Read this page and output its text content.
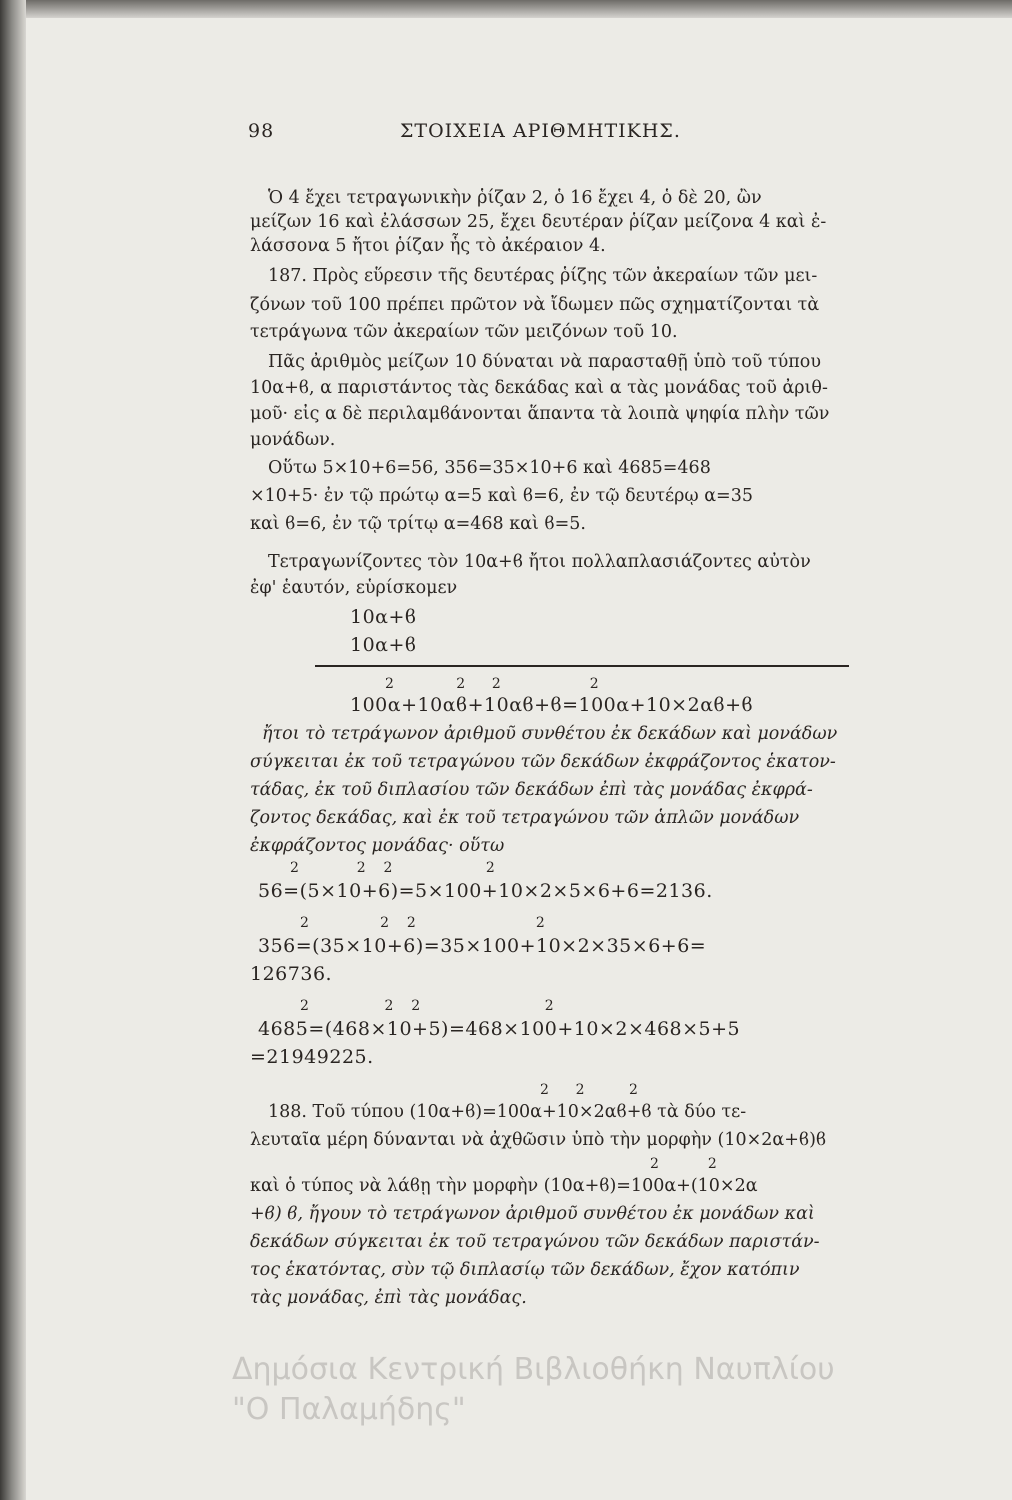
98	ΣΤΟΙΧΕΙΑ ΑΡΙΘΜΗΤΙΚΗΣ.
Ὁ 4 ἔχει τετραγωνικὴν ῥίζαν 2, ὁ 16 ἔχει 4, ὁ δὲ 20, ὢν
μείζων 16 καὶ ἐλάσσων 25, ἔχει δευτέραν ῥίζαν μείζονα 4 καὶ ἐ-
λάσσονα 5 ἤτοι ῥίζαν ἧς τὸ ἀκέραιον 4.
187. Πρὸς εὕρεσιν τῆς δευτέρας ῥίζης τῶν ἀκεραίων τῶν μει-
ζόνων τοῦ 100 πρέπει πρῶτον νὰ ἴδωμεν πῶς σχηματίζονται τὰ
τετράγωνα τῶν ἀκεραίων τῶν μειζόνων τοῦ 10.
Πᾶς ἀριθμὸς μείζων 10 δύναται νὰ παρασταθῇ ὑπὸ τοῦ τύπου
10α+ϐ, α παριστάντος τὰς δεκάδας καὶ α τὰς μονάδας τοῦ ἀριθ-
μοῦ· εἰς α δὲ περιλαμϐάνονται ἅπαντα τὰ λοιπὰ ψηφία πλὴν τῶν
μονάδων.
Οὕτω 5×10+6=56, 356=35×10+6 καὶ 4685=468
×10+5· ἐν τῷ πρώτῳ α=5 καὶ ϐ=6, ἐν τῷ δευτέρῳ α=35
καὶ ϐ=6, ἐν τῷ τρίτῳ α=468 καὶ ϐ=5.
Τετραγωνίζοντες τὸν 10α+ϐ ἤτοι πολλαπλασιάζοντες αὐτὸν
ἐφ' ἑαυτόν, εὑρίσκομεν
10α+ϐ
10α+ϐ
2              2      2                    2
100α+10αϐ+10αϐ+ϐ=100α+10×2αϐ+ϐ
ἤτοι τὸ τετράγωνον ἀριθμοῦ συνθέτου ἐκ δεκάδων καὶ μονάδων
σύγκειται ἐκ τοῦ τετραγώνου τῶν δεκάδων ἐκφράζοντος ἑκατον-
τάδας, ἐκ τοῦ διπλασίου τῶν δεκάδων ἐπὶ τὰς μονάδας ἐκφρά-
ζοντος δεκάδας, καὶ ἐκ τοῦ τετραγώνου τῶν ἁπλῶν μονάδων
ἐκφράζοντος μονάδας· οὕτω
2             2    2                     2
56=(5×10+6)=5×100+10×2×5×6+6=2136.
2                2    2                           2
356=(35×10+6)=35×100+10×2×35×6+6=
126736.
2                 2    2                            2
4685=(468×10+5)=468×100+10×2×468×5+5
=21949225.
2      2          2
188. Τοῦ τύπου (10α+ϐ)=100α+10×2αϐ+ϐ τὰ δύο τε-
λευταῖα μέρη δύνανται νὰ ἀχθῶσιν ὑπὸ τὴν μορφὴν (10×2α+ϐ)ϐ
2           2
καὶ ὁ τύπος νὰ λάϐῃ τὴν μορφὴν (10α+ϐ)=100α+(10×2α
+ϐ) ϐ, ἤγουν τὸ τετράγωνον ἀριθμοῦ συνθέτου ἐκ μονάδων καὶ
δεκάδων σύγκειται ἐκ τοῦ τετραγώνου τῶν δεκάδων παριστάν-
τος ἑκατόντας, σὺν τῷ διπλασίῳ τῶν δεκάδων, ἔχον κατόπιν
τὰς μονάδας, ἐπὶ τὰς μονάδας.
Δημόσια Κεντρική Βιβλιοθήκη Ναυπλίου
"Ο Παλαμήδης"
